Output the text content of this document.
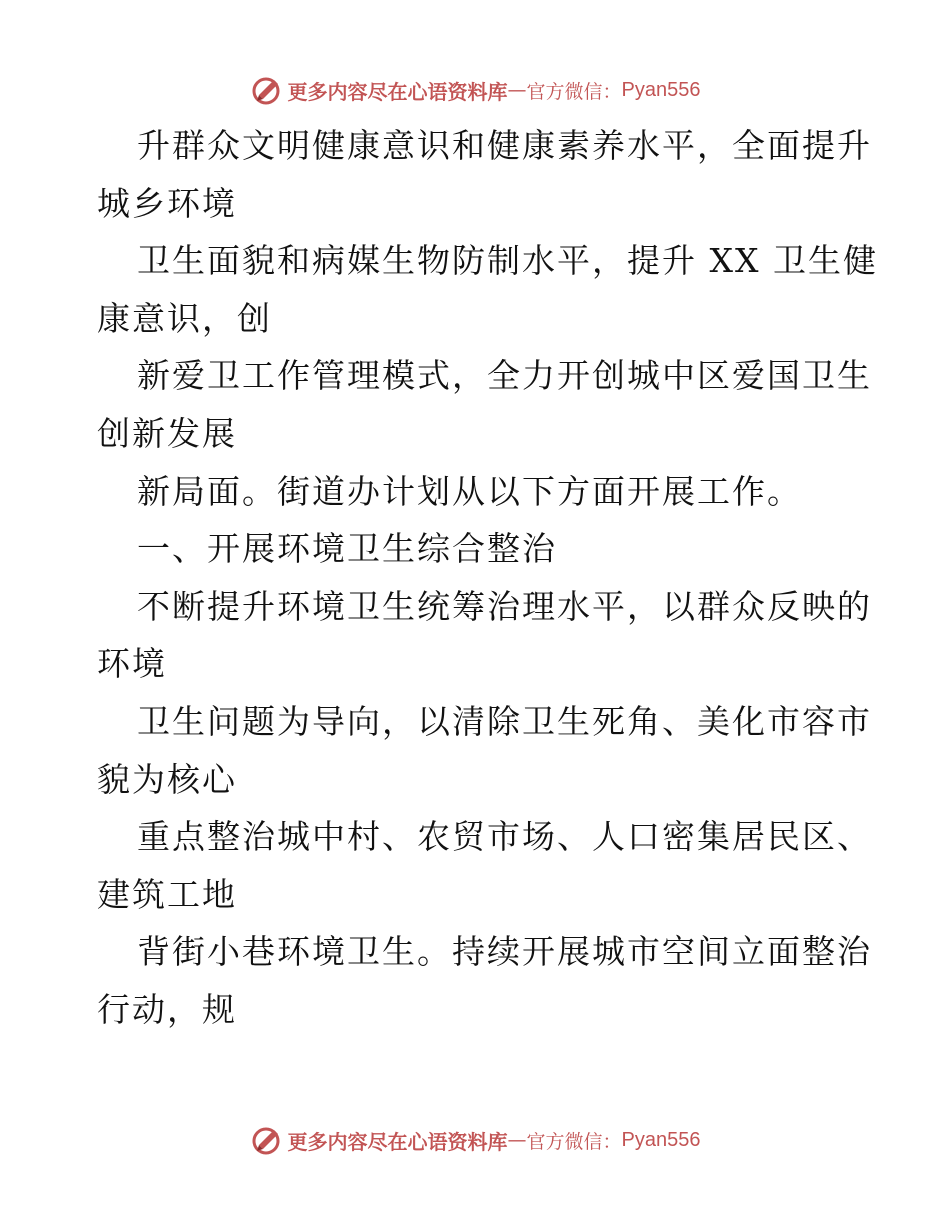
更多内容尽在心语资料库 — 官方微信： Pyan556

升群众文明健康意识和健康素养水平，全面提升
城乡环境

卫生面貌和病媒生物防制水平，提升 XX 卫生健
康意识，创

新爱卫工作管理模式，全力开创城中区爱国卫生
创新发展

新局面。街道办计划从以下方面开展工作。

一、开展环境卫生综合整治

不断提升环境卫生统筹治理水平，以群众反映的
环境

卫生问题为导向，以清除卫生死角、美化市容市
貌为核心

重点整治城中村、农贸市场、人口密集居民区、
建筑工地

背街小巷环境卫生。持续开展城市空间立面整治
行动，规

更多内容尽在心语资料库 — 官方微信： Pyan556
